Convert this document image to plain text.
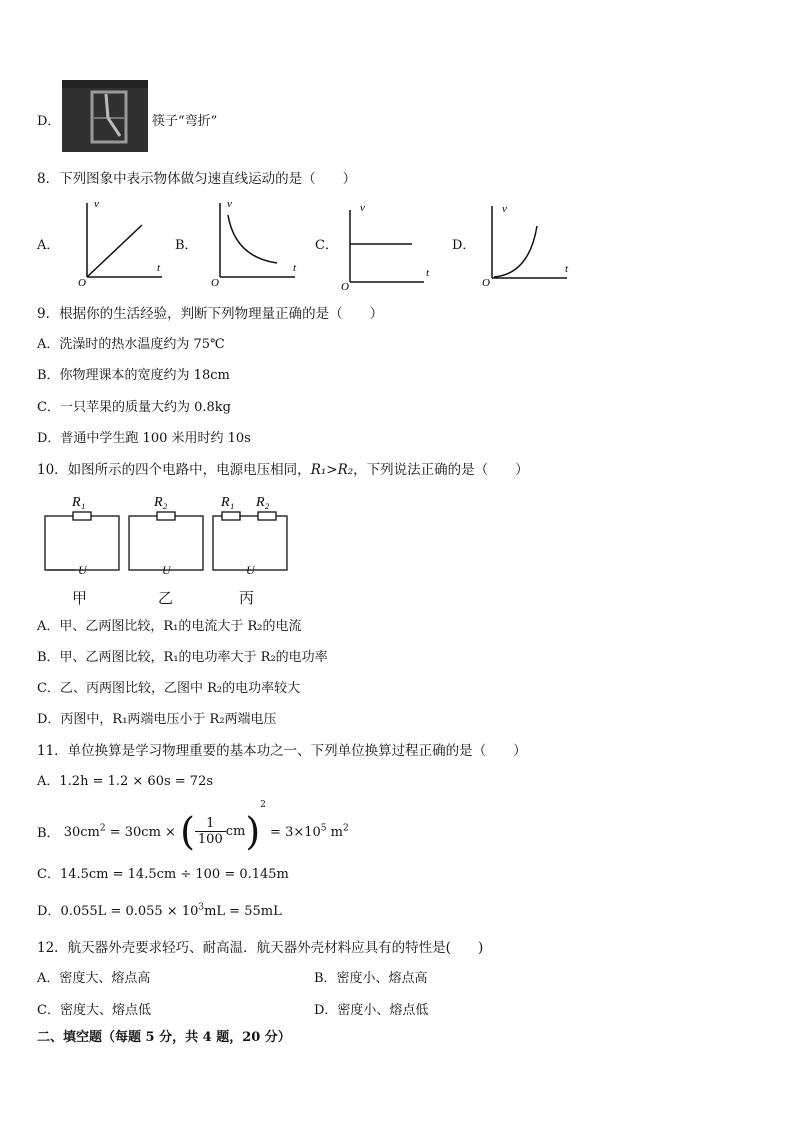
D．	筷子“弯折”
8．下列图象中表示物体做匀速直线运动的是（　　）
A．
v
t
O
B．
v
t
O
C．
v
t
O
D．
v
t
O
9．根据你的生活经验，判断下列物理量正确的是（　　）
A．洗澡时的热水温度约为 75℃
B．你物理课本的宽度约为 18cm
C．一只苹果的质量大约为 0.8kg
D．普通中学生跑 100 米用时约 10s
10．如图所示的四个电路中，电源电压相同，R₁>R₂，下列说法正确的是（　　）
R₁
U
R₂
U
R₁ R₂
U
甲	乙	丙
A．甲、乙两图比较，R₁的电流大于 R₂的电流
B．甲、乙两图比较，R₁的电功率大于 R₂的电功率
C．乙、丙两图比较，乙图中 R₂的电功率较大
D．丙图中，R₁两端电压小于 R₂两端电压
11．单位换算是学习物理重要的基本功之一、下列单位换算过程正确的是（　　）
A．1.2h = 1.2 × 60s = 72s
B． $30cm^2 = 30cm$ × ( $\frac{1}{100} cm)^2 = 3\times 10^5$ $m^2$
C．14.5cm = 14.5cm ÷ 100 = 0.145m
D．$0.055L = 0.055 \times 10^3mL = 55mL$
12．航天器外壳要求轻巧、耐高温．航天器外壳材料应具有的特性是(　　)
A．密度大、熔点高	B．密度小、熔点高
C．密度大、熔点低	D．密度小、熔点低
二、填空题（每题 5 分，共 4 题，20 分）
